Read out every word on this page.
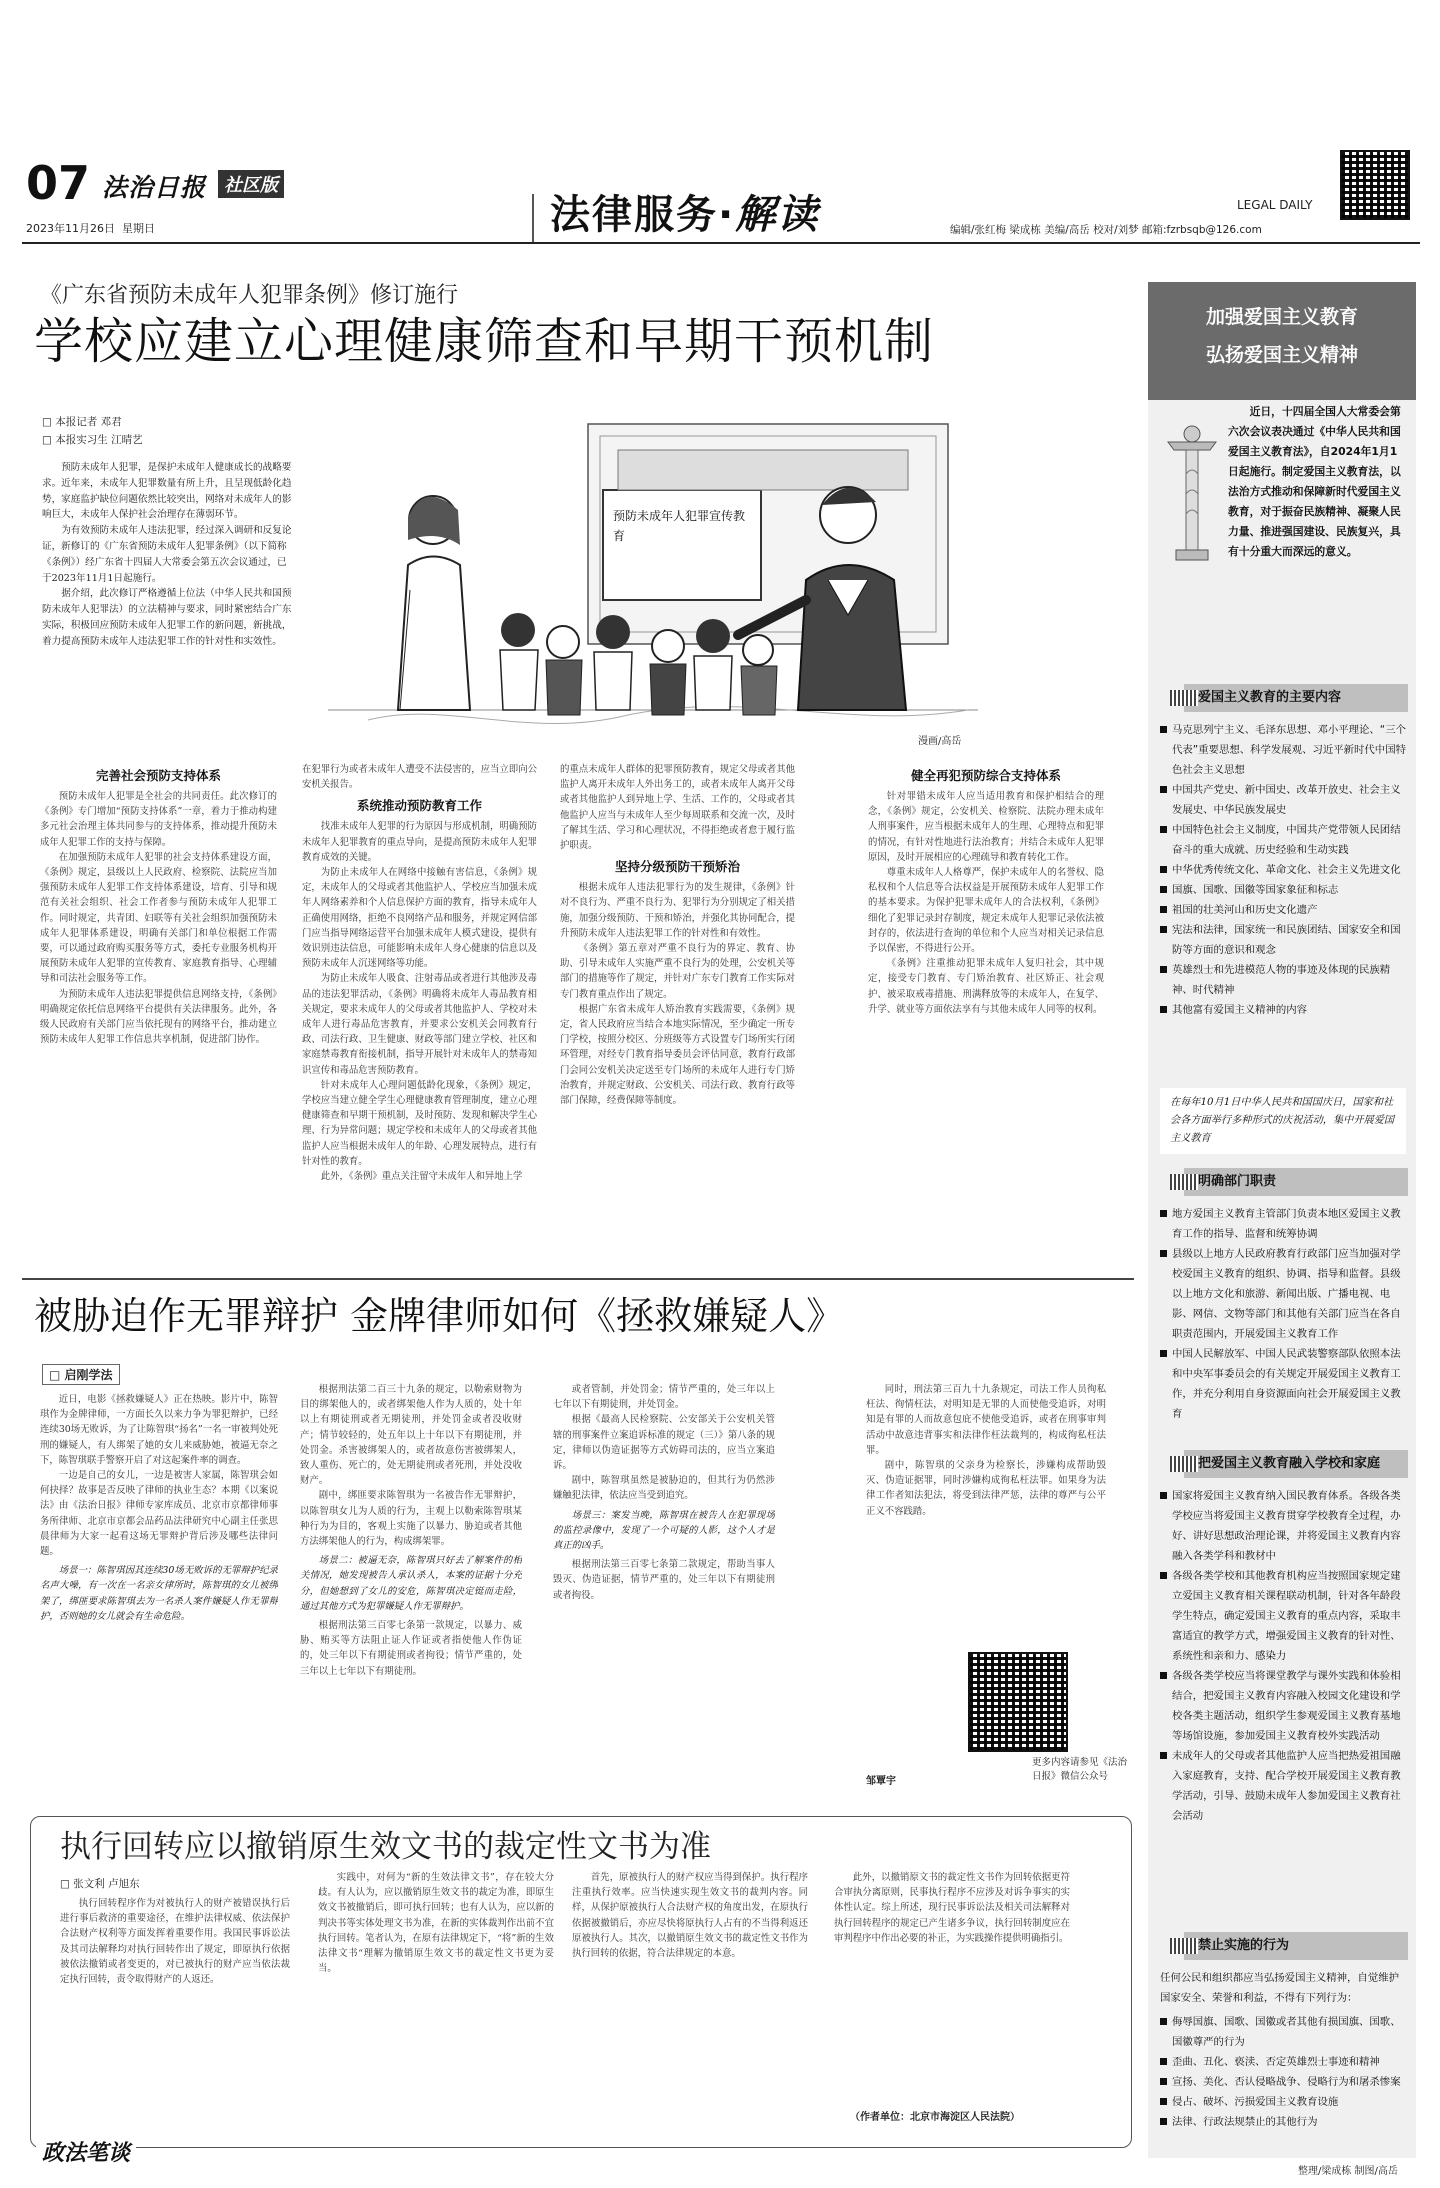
07 法治日报 社区版
2023年11月26日 星期日	法律服务·解读	LEGAL DAILY
编辑/张红梅 梁成栋 美编/高岳 校对/刘梦 邮箱:fzrbsqb@126.com
《广东省预防未成年人犯罪条例》修订施行
学校应建立心理健康筛查和早期干预机制
□ 本报记者 邓君
□ 本报实习生 江晴艺

预防未成年人犯罪，是保护未成年人健康成长的战略要求。近年来，未成年人犯罪数量有所上升，且呈现低龄化趋势，家庭监护缺位问题依然比较突出，网络对未成年人的影响巨大，未成年人保护社会治理存在薄弱环节。

为有效预防未成年人违法犯罪，经过深入调研和反复论证，新修订的《广东省预防未成年人犯罪条例》（以下简称《条例》）经广东省十四届人大常委会第五次会议通过，已于2023年11月1日起施行。

据介绍，此次修订严格遵循上位法（中华人民共和国预防未成年人犯罪法）的立法精神与要求，同时紧密结合广东实际，积极回应预防未成年人犯罪工作的新问题，新挑战，着力提高预防未成年人违法犯罪工作的针对性和实效性。

预防未成年人犯罪宣传教育
漫画/高岳
完善社会预防支持体系

预防未成年人犯罪是全社会的共同责任。此次修订的《条例》专门增加“预防支持体系”一章，着力于推动构建多元社会治理主体共同参与的支持体系，推动提升预防未成年人犯罪工作的支持与保障。

在加强预防未成年人犯罪的社会支持体系建设方面，《条例》规定，县级以上人民政府、检察院、法院应当加强预防未成年人犯罪工作支持体系建设，培育、引导和规范有关社会组织、社会工作者参与预防未成年人犯罪工作。同时规定，共青团、妇联等有关社会组织加强预防未成年人犯罪体系建设，明确有关部门和单位根据工作需要，可以通过政府购买服务等方式，委托专业服务机构开展预防未成年人犯罪的宣传教育、家庭教育指导、心理辅导和司法社会服务等工作。

为预防未成年人违法犯罪提供信息网络支持，《条例》明确规定依托信息网络平台提供有关法律服务。此外，各级人民政府有关部门应当依托现有的网络平台，推动建立预防未成年人犯罪工作信息共享机制，促进部门协作。

在犯罪行为或者未成年人遭受不法侵害的，应当立即向公安机关报告。

系统推动预防教育工作

找准未成年人犯罪的行为原因与形成机制，明确预防未成年人犯罪教育的重点导向，是提高预防未成年人犯罪教育成效的关键。

为防止未成年人在网络中接触有害信息，《条例》规定，未成年人的父母或者其他监护人、学校应当加强未成年人网络素养和个人信息保护方面的教育，指导未成年人正确使用网络，拒绝不良网络产品和服务，并规定网信部门应当指导网络运营平台加强未成年人模式建设，提供有效识别违法信息，可能影响未成年人身心健康的信息以及预防未成年人沉迷网络等功能。

为防止未成年人吸食、注射毒品或者进行其他涉及毒品的违法犯罪活动，《条例》明确将未成年人毒品教育相关规定，要求未成年人的父母或者其他监护人、学校对未成年人进行毒品危害教育，并要求公安机关会同教育行政、司法行政、卫生健康、财政等部门建立学校、社区和家庭禁毒教育衔接机制，指导开展针对未成年人的禁毒知识宣传和毒品危害预防教育。

针对未成年人心理问题低龄化现象，《条例》规定，学校应当建立健全学生心理健康教育管理制度，建立心理健康筛查和早期干预机制，及时预防、发现和解决学生心理、行为异常问题；规定学校和未成年人的父母或者其他监护人应当根据未成年人的年龄、心理发展特点，进行有针对性的教育。

此外，《条例》重点关注留守未成年人和异地上学

的重点未成年人群体的犯罪预防教育，规定父母或者其他监护人离开未成年人外出务工的，或者未成年人离开父母或者其他监护人到异地上学、生活、工作的，父母或者其他监护人应当与未成年人至少每周联系和交流一次，及时了解其生活、学习和心理状况，不得拒绝或者怠于履行监护职责。

坚持分级预防干预矫治

根据未成年人违法犯罪行为的发生规律，《条例》针对不良行为、严重不良行为、犯罪行为分别规定了相关措施，加强分级预防、干预和矫治，并强化其协同配合，提升预防未成年人违法犯罪工作的针对性和有效性。

《条例》第五章对严重不良行为的界定、教育、协助、引导未成年人实施严重不良行为的处理，公安机关等部门的措施等作了规定，并针对广东专门教育工作实际对专门教育重点作出了规定。

根据广东省未成年人矫治教育实践需要，《条例》规定，省人民政府应当结合本地实际情况，至少确定一所专门学校，按照分校区、分班级等方式设置专门场所实行闭环管理，对经专门教育指导委员会评估同意，教育行政部门会同公安机关决定送至专门场所的未成年人进行专门矫治教育，并规定财政、公安机关、司法行政、教育行政等部门保障，经费保障等制度。

健全再犯预防综合支持体系

针对罪错未成年人应当适用教育和保护相结合的理念，《条例》规定，公安机关、检察院、法院办理未成年人刑事案件，应当根据未成年人的生理、心理特点和犯罪的情况，有针对性地进行法治教育；并结合未成年人犯罪原因，及时开展相应的心理疏导和教育转化工作。

尊重未成年人人格尊严，保护未成年人的名誉权、隐私权和个人信息等合法权益是开展预防未成年人犯罪工作的基本要求。为保护犯罪未成年人的合法权利，《条例》细化了犯罪记录封存制度，规定未成年人犯罪记录依法被封存的，依法进行查询的单位和个人应当对相关记录信息予以保密，不得进行公开。

《条例》注重推动犯罪未成年人复归社会，其中规定，接受专门教育、专门矫治教育、社区矫正、社会观护、被采取戒毒措施、刑满释放等的未成年人，在复学、升学、就业等方面依法享有与其他未成年人同等的权利。

被胁迫作无罪辩护 金牌律师如何《拯救嫌疑人》
□ 启刚学法

近日，电影《拯救嫌疑人》正在热映。影片中，陈智琪作为金牌律师，一方面长久以来力争为罪犯辩护，已经连续30场无败诉，为了让陈智琪“扬名”一名一审被判处死刑的嫌疑人，有人绑架了她的女儿来威胁她，被逼无奈之下，陈智琪联手警察开启了对这起案件率的调查。

一边是自己的女儿，一边是被害人家属，陈智琪会如何抉择？故事是否反映了律师的执业生态？本期《以案说法》由《法治日报》律师专家库成员、北京市京都律师事务所律师、北京市京都会品药品法律研究中心副主任张思晨律师为大家一起看这场无罪辩护背后涉及哪些法律问题。

场景一：陈智琪因其连续30场无败诉的无罪辩护纪录名声大噪，有一次在一名亲女律所时，陈智琪的女儿被绑架了，绑匪要求陈智琪去为一名杀人案件嫌疑人作无罪辩护，否则她的女儿就会有生命危险。

根据刑法第二百三十九条的规定，以勒索财物为目的绑架他人的，或者绑架他人作为人质的，处十年以上有期徒刑或者无期徒刑，并处罚金或者没收财产；情节较轻的，处五年以上十年以下有期徒刑，并处罚金。杀害被绑架人的，或者故意伤害被绑架人，致人重伤、死亡的，处无期徒刑或者死刑，并处没收财产。

剧中，绑匪要求陈智琪为一名被告作无罪辩护，以陈智琪女儿为人质的行为，主观上以勒索陈智琪某种行为为目的，客观上实施了以暴力、胁迫或者其他方法绑架他人的行为，构成绑架罪。

场景二：被逼无奈，陈智琪只好去了解案件的相关情况，她发现被告人承认杀人，本案的证据十分充分，但她想到了女儿的安危，陈智琪决定铤而走险，通过其他方式为犯罪嫌疑人作无罪辩护。

根据刑法第三百零七条第一款规定，以暴力、威胁、贿买等方法阻止证人作证或者指使他人作伪证的，处三年以下有期徒刑或者拘役；情节严重的，处三年以上七年以下有期徒刑。

或者管制，并处罚金；情节严重的，处三年以上七年以下有期徒刑，并处罚金。

根据《最高人民检察院、公安部关于公安机关管辖的刑事案件立案追诉标准的规定（三）》第八条的规定，律师以伪造证据等方式妨碍司法的，应当立案追诉。

剧中，陈智琪虽然是被胁迫的，但其行为仍然涉嫌触犯法律，依法应当受到追究。

场景三：案发当晚，陈智琪在被告人在犯罪现场的监控录像中，发现了一个可疑的人影，这个人才是真正的凶手。

根据刑法第三百零七条第二款规定，帮助当事人毁灭、伪造证据，情节严重的，处三年以下有期徒刑或者拘役。

同时，刑法第三百九十九条规定，司法工作人员徇私枉法、徇情枉法，对明知是无罪的人而使他受追诉，对明知是有罪的人而故意包庇不使他受追诉，或者在刑事审判活动中故意违背事实和法律作枉法裁判的，构成徇私枉法罪。

剧中，陈智琪的父亲身为检察长，涉嫌构成帮助毁灭、伪造证据罪，同时涉嫌构成徇私枉法罪。如果身为法律工作者知法犯法，将受到法律严惩，法律的尊严与公平正义不容践踏。

更多内容请参见《法治日报》微信公众号
邹覃宇
执行回转应以撤销原生效文书的裁定性文书为准
□ 张文利 卢旭东

执行回转程序作为对被执行人的财产被错误执行后进行事后救济的重要途径，在维护法律权威、依法保护合法财产权利等方面发挥着重要作用。我国民事诉讼法及其司法解释均对执行回转作出了规定，即原执行依据被依法撤销或者变更的，对已被执行的财产应当依法裁定执行回转，责令取得财产的人返还。

实践中，对何为“新的生效法律文书”，存在较大分歧。有人认为，应以撤销原生效文书的裁定为准，即原生效文书被撤销后，即可执行回转；也有人认为，应以新的判决书等实体处理文书为准，在新的实体裁判作出前不宜执行回转。笔者认为，在原有法律规定下，“将”新的生效法律文书“理解为撤销原生效文书的裁定性文书更为妥当。

首先，原被执行人的财产权应当得到保护。执行程序注重执行效率。应当快速实现生效文书的裁判内容。同样，从保护原被执行人合法财产权的角度出发，在原执行依据被撤销后，亦应尽快将原执行人占有的不当得利返还原被执行人。其次，以撤销原生效文书的裁定性文书作为执行回转的依据，符合法律规定的本意。

此外，以撤销原文书的裁定性文书作为回转依据更符合审执分离原则，民事执行程序不应涉及对诉争事实的实体性认定。综上所述，现行民事诉讼法及相关司法解释对执行回转程序的规定已产生诸多争议，执行回转制度应在审判程序中作出必要的补正，为实践操作提供明确指引。

（作者单位：北京市海淀区人民法院）
政法笔谈
加强爱国主义教育
弘扬爱国主义精神
近日，十四届全国人大常委会第六次会议表决通过《中华人民共和国爱国主义教育法》，自2024年1月1日起施行。制定爱国主义教育法，以法治方式推动和保障新时代爱国主义教育，对于振奋民族精神、凝聚人民力量、推进强国建设、民族复兴，具有十分重大而深远的意义。
爱国主义教育的主要内容
马克思列宁主义、毛泽东思想、邓小平理论、“三个代表”重要思想、科学发展观、习近平新时代中国特色社会主义思想
中国共产党史、新中国史、改革开放史、社会主义发展史、中华民族发展史
中国特色社会主义制度，中国共产党带领人民团结奋斗的重大成就、历史经验和生动实践
中华优秀传统文化、革命文化、社会主义先进文化
国旗、国歌、国徽等国家象征和标志
祖国的壮美河山和历史文化遗产
宪法和法律，国家统一和民族团结、国家安全和国防等方面的意识和观念
英雄烈士和先进模范人物的事迹及体现的民族精神、时代精神
其他富有爱国主义精神的内容
在每年10月1日中华人民共和国国庆日，国家和社会各方面举行多种形式的庆祝活动，集中开展爱国主义教育
明确部门职责
地方爱国主义教育主管部门负责本地区爱国主义教育工作的指导、监督和统筹协调
县级以上地方人民政府教育行政部门应当加强对学校爱国主义教育的组织、协调、指导和监督。县级以上地方文化和旅游、新闻出版、广播电视、电影、网信、文物等部门和其他有关部门应当在各自职责范围内，开展爱国主义教育工作
中国人民解放军、中国人民武装警察部队依照本法和中央军事委员会的有关规定开展爱国主义教育工作，并充分利用自身资源面向社会开展爱国主义教育
把爱国主义教育融入学校和家庭
国家将爱国主义教育纳入国民教育体系。各级各类学校应当将爱国主义教育贯穿学校教育全过程，办好、讲好思想政治理论课，并将爱国主义教育内容融入各类学科和教材中
各级各类学校和其他教育机构应当按照国家规定建立爱国主义教育相关课程联动机制，针对各年龄段学生特点，确定爱国主义教育的重点内容，采取丰富适宜的教学方式，增强爱国主义教育的针对性、系统性和亲和力、感染力
各级各类学校应当将课堂教学与课外实践和体验相结合，把爱国主义教育内容融入校园文化建设和学校各类主题活动，组织学生参观爱国主义教育基地等场馆设施，参加爱国主义教育校外实践活动
未成年人的父母或者其他监护人应当把热爱祖国融入家庭教育，支持、配合学校开展爱国主义教育教学活动，引导、鼓励未成年人参加爱国主义教育社会活动
禁止实施的行为
任何公民和组织都应当弘扬爱国主义精神，自觉维护国家安全、荣誉和利益，不得有下列行为：
侮辱国旗、国歌、国徽或者其他有损国旗、国歌、国徽尊严的行为
歪曲、丑化、亵渎、否定英雄烈士事迹和精神
宣扬、美化、否认侵略战争、侵略行为和屠杀惨案
侵占、破坏、污损爱国主义教育设施
法律、行政法规禁止的其他行为
整理/梁成栋 制图/高岳
